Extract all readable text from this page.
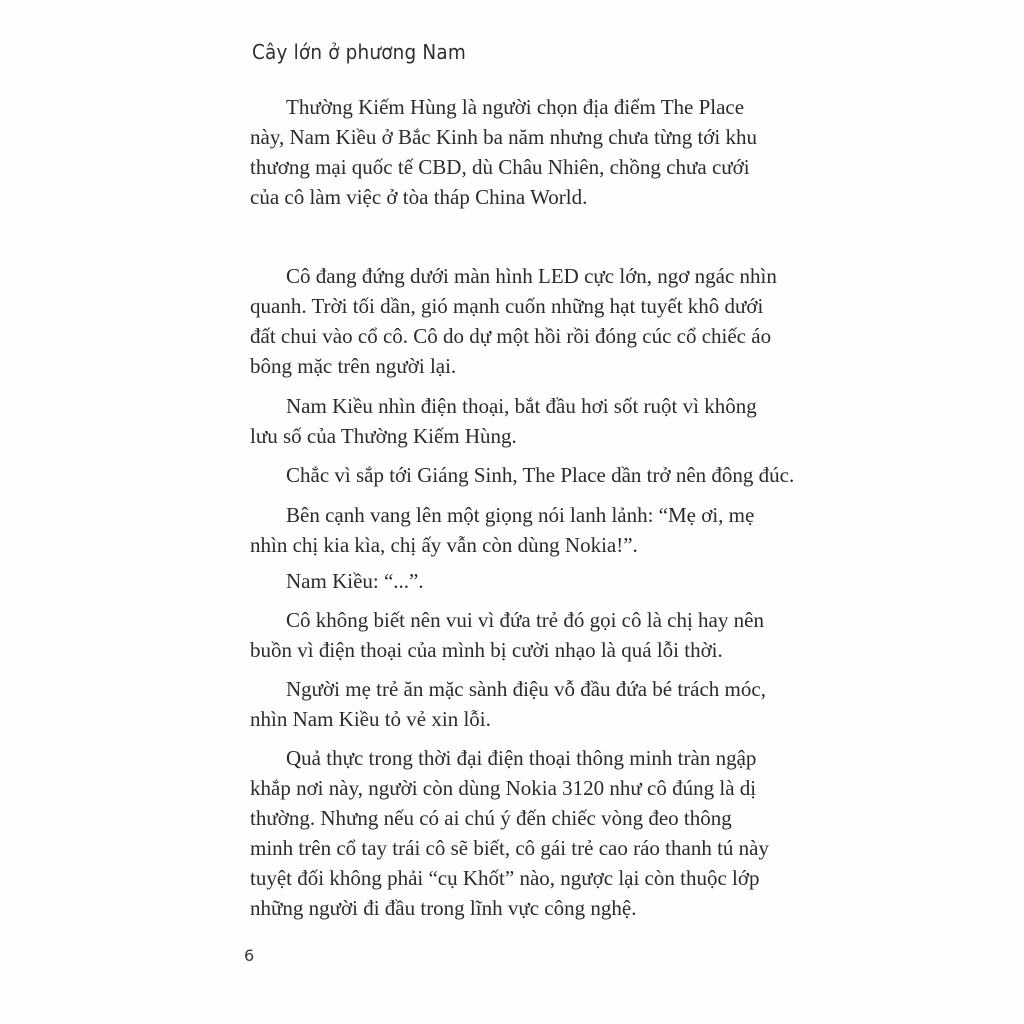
Cây lớn ở phương Nam

Thường Kiếm Hùng là người chọn địa điểm The Place
này, Nam Kiều ở Bắc Kinh ba năm nhưng chưa từng tới khu
thương mại quốc tế CBD, dù Châu Nhiên, chồng chưa cưới
của cô làm việc ở tòa tháp China World.

Cô đang đứng dưới màn hình LED cực lớn, ngơ ngác nhìn
quanh. Trời tối dần, gió mạnh cuốn những hạt tuyết khô dưới
đất chui vào cổ cô. Cô do dự một hồi rồi đóng cúc cổ chiếc áo
bông mặc trên người lại.

Nam Kiều nhìn điện thoại, bắt đầu hơi sốt ruột vì không
lưu số của Thường Kiếm Hùng.

Chắc vì sắp tới Giáng Sinh, The Place dần trở nên đông đúc.

Bên cạnh vang lên một giọng nói lanh lảnh: “Mẹ ơi, mẹ
nhìn chị kia kìa, chị ấy vẫn còn dùng Nokia!”.

Nam Kiều: “...”.

Cô không biết nên vui vì đứa trẻ đó gọi cô là chị hay nên
buồn vì điện thoại của mình bị cười nhạo là quá lỗi thời.

Người mẹ trẻ ăn mặc sành điệu vỗ đầu đứa bé trách móc,
nhìn Nam Kiều tỏ vẻ xin lỗi.

Quả thực trong thời đại điện thoại thông minh tràn ngập
khắp nơi này, người còn dùng Nokia 3120 như cô đúng là dị
thường. Nhưng nếu có ai chú ý đến chiếc vòng đeo thông
minh trên cổ tay trái cô sẽ biết, cô gái trẻ cao ráo thanh tú này
tuyệt đối không phải “cụ Khốt” nào, ngược lại còn thuộc lớp
những người đi đầu trong lĩnh vực công nghệ.

6
